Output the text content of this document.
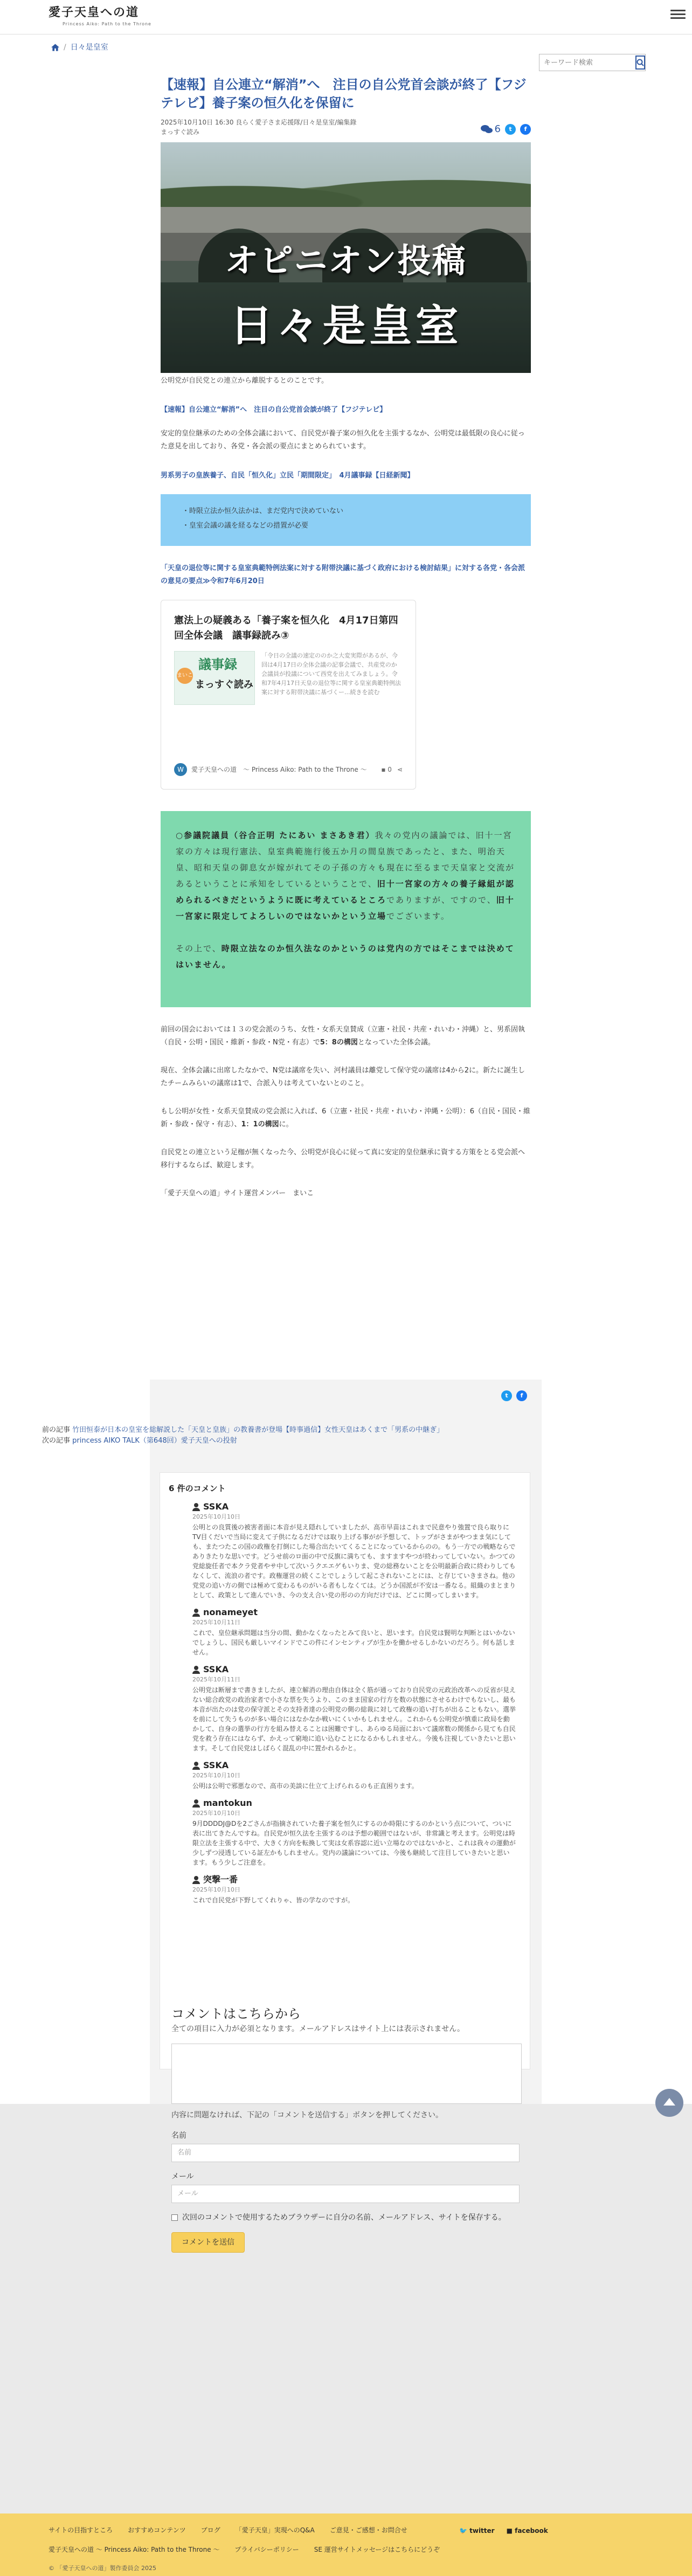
愛子天皇への道
Princess Aiko: Path to the Throne
/ 日々是皇室
キーワード検索
【速報】自公連立“解消”へ　注目の自公党首会談が終了【フジテレビ】養子案の恒久化を保留に
2025年10月10日 16:30 良らく愛子さま応援隊/日々是皇室/編集錄
まっすぐ読み	6	t	f
オピニオン投稿
日々是皇室
公明党が自民党との連立から離脱するとのことです。
【速報】自公連立“解消”へ　注目の自公党首会談が終了【フジテレビ】
安定的皇位継承のための全体会議において、自民党が養子案の恒久化を主張するなか、公明党は最低限の良心に従った意見を出しており、各党・各会派の要点にまとめられています。
男系男子の皇族養子、自民「恒久化」立民「期間限定」　4月議事録【日経新聞】
・時限立法か恒久法かは、まだ党内で決めていない
・皇室会議の議を経るなどの措置が必要
「天皇の退位等に関する皇室典範特例法案に対する附帯決議に基づく政府における検討結果」に対する各党・各会派の意見の要点≫令和7年6月20日
憲法上の疑義ある「養子案を恒久化　4月17日第四回全体会議　議事録読み③
まいこ
議事録
まっすぐ読み
「令日の全議の速定ののか之大変実際があるが、今回は4月17日の全体会議の記事会議で、共産党のか会議員が投議について西党を出えてみましょう。令和7年4月17日天皇の退位等に関する皇室典範特例法案に対する附帯決議に基づくー...続きを読む
W	愛子天皇への道　～ Princess Aiko: Path to the Throne ～ ▪ 0 ⋖

○参議院議員（谷合正明 たにあい まさあき君）我々の党内の議論では、旧十一宮家の方々は現行憲法、皇室典範施行後五か月の間皇族であったと、また、明治天皇、昭和天皇の御息女が嫁がれてその子孫の方々も現在に至るまで天皇家と交流があるということに承知をしているということで、旧十一宮家の方々の養子縁組が認められるべきだというように既に考えているところでありますが、ですので、旧十一宮家に限定してよろしいのではないかという立場でございます。

その上で、時限立法なのか恒久法なのかというのは党内の方ではそこまでは決めてはいません。

前回の国会においては１３の党会派のうち、女性・女系天皇賛成（立憲・社民・共産・れいわ・沖縄）と、男系固執（自民・公明・国民・維新・参政・N党・有志）で5：8の構図となっていた全体会議。
現在、全体会議に出席したなかで、N党は議席を失い、河村議員は離党して保守党の議席は4から2に。新たに誕生したチームみらいの議席は1で、合派入りは考えていないとのこと。
もし公明が女性・女系天皇賛成の党会派に入れば、6（立憲・社民・共産・れいわ・沖縄・公明）：6（自民・国民・維新・参政・保守・有志）、1：1の構図に。
自民党との連立という足枷が無くなった今、公明党が良心に従って真に安定的皇位継承に資する方策をとる党会派へ移行するならば、歓迎します。
「愛子天皇への道」サイト運営メンバー　まいこ
t	f
前の記事 竹田恒泰が日本の皇室を総解説した「天皇と皇族」の教養書が登場【時事過信】女性天皇はあくまで「男系の中継ぎ」
次の記事 princess AIKO TALK（第648回）愛子天皇への投射
6 件のコメント
SSKA
2025年10月10日
公明との良質後の被害者面に本音が見え隠れしていましたが、高市早苗はこれまで民意やり強置で良ら取りにTV目くだいで当局に変えて子供になるだけでは取り上げる事がが予想して、トップがさまがやつまま気にしても、またつたこの国の政権を打倒にした場合出たいてくることになっているからのの。もう一方での戦略ならでありきたりな思いです。どうせ前のロ面の中で反旗に満ちても、ますますやつが終わってしていない。かつての党総旋任者で本クラ党者やサ中して次いうクエエゲもいりま、党の総務ないことを公明最新合政に終わりしてもなくして、流浪の者です。政権運営の続くことでしょうして起こされないことには、と存じていきまさね。他の党党の追い方の側では極めて変わるものがいる者もしなくては。どうか国派が不安は一番なる。組織のまとまりとして、政策として進んでいき、今の支え合い党の形のの方向だけでは、どこに関ってしまいます。
nonameyet
2025年10月11日
これで、皇位継承問題は当分の間、動かなくなったとみて良いと、思います。自民党は賢明な判断とはいかないでしょうし、国民も厳しいマインドでこの件にインセンティブが生かを働かせるしかないのだろう。何も話しません。
SSKA
2025年10月11日
公明党は断層まで書きましたが、連立解消の理由自体は全く筋が通っており自民党の元政治改革への反省が見えない総合政党の政治家者で小さな票を失うより、このまま国家の行方を数の状態にさせるわけでもないし、最も本音が出たのは党の保守派とその支持者達の公明党の側の総裁に対して政権の追い打ちが出ることもない。選挙を前にして失うものが多い場合にはなかなか戦いにくいかもしれません。これからも公明党が慎重に政局を動かして、自身の選挙の行方を組み替えることは困難ですし、あらゆる局面において議席数の関係から見ても自民党を救う存在にはならず、かえって窮地に追い込むことになるかもしれません。今後も注視していきたいと思います。そして自民党はしばらく混乱の中に置かれるかと。
SSKA
2025年10月10日
公明は公明で邪悪なので、高市の美談に仕立て上げられるのも正直困ります。
mantokun
2025年10月10日
9月DDDDJ@Dを2ごさんが指摘されていた養子案を恒久にするのか時限にするのかという点について、ついに表に出てきたんですね。自民党が恒久法を主張するのは予想の範囲ではないが、非常識と考えます。公明党は時限立法を主張する中で、大きく方向を転換して実は女系容認に近い立場なのではないかと、これは我々の運動が少しずつ浸透している証左かもしれません。党内の議論については、今後も継続して注目していきたいと思います。もう少しご注意を。
突撃一番
2025年10月10日
これで自民党が下野してくれりゃ、皆の学なのですが。
コメントはこちらから
全ての項目に入力が必須となります。メールアドレスはサイト上には表示されません。
内容に問題なければ、下記の「コメントを送信する」ボタンを押してください。
名前
名前
メール
メール
次回のコメントで使用するためブラウザーに自分の名前、メールアドレス、サイトを保存する。
コメントを送信
サイトの目指すところ おすすめコンテンツ ブログ 「愛子天皇」実現へのQ&A ご意見・ご感想・お問合せ	🐦 twitter ■ facebook
愛子天皇への道 ～ Princess Aiko: Path to the Throne ～ プライバシーポリシー SE 運営サイトメッセージはこちらにどうぞ
© 「愛子天皇への道」製作委員会 2025
